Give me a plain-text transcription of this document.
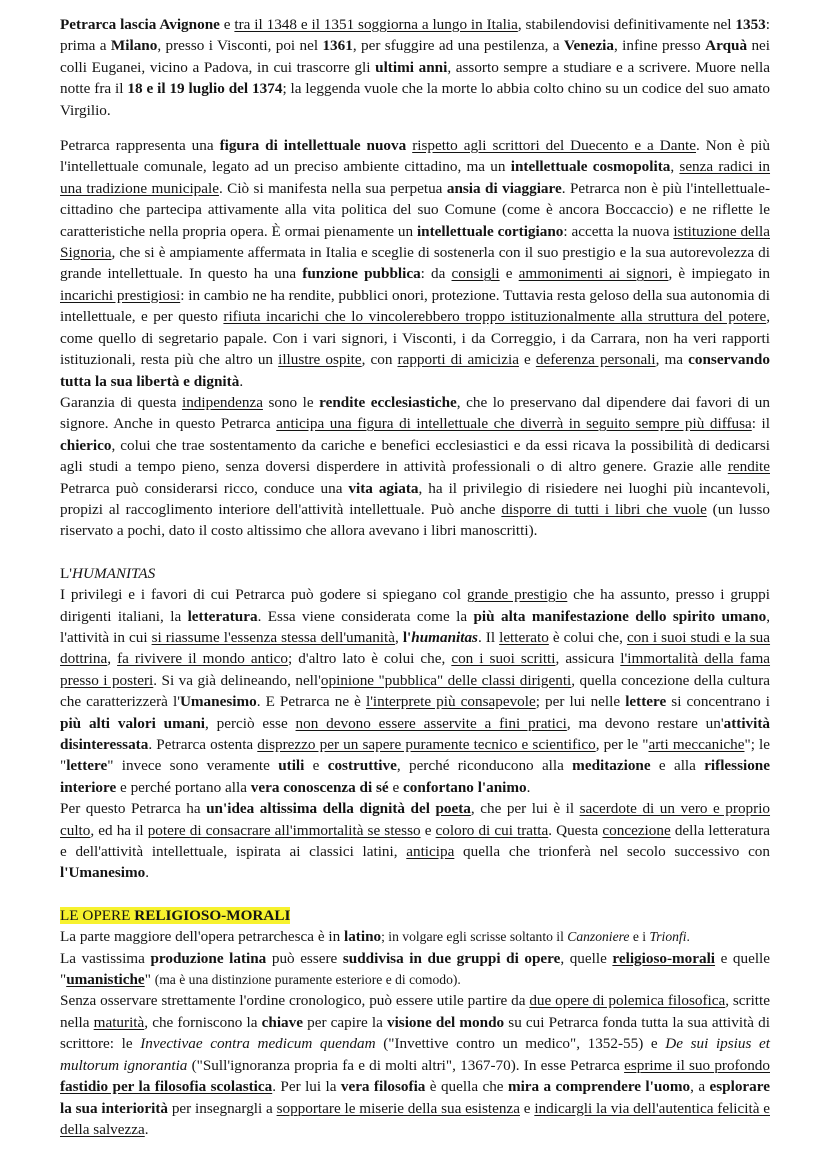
Petrarca lascia Avignone e tra il 1348 e il 1351 soggiorna a lungo in Italia, stabilendovisi definitivamente nel 1353: prima a Milano, presso i Visconti, poi nel 1361, per sfuggire ad una pestilenza, a Venezia, infine presso Arquà nei colli Euganei, vicino a Padova, in cui trascorre gli ultimi anni, assorto sempre a studiare e a scrivere. Muore nella notte fra il 18 e il 19 luglio del 1374; la leggenda vuole che la morte lo abbia colto chino su un codice del suo amato Virgilio.

Petrarca rappresenta una figura di intellettuale nuova rispetto agli scrittori del Duecento e a Dante. Non è più l'intellettuale comunale, legato ad un preciso ambiente cittadino, ma un intellettuale cosmopolita, senza radici in una tradizione municipale. Ciò si manifesta nella sua perpetua ansia di viaggiare. Petrarca non è più l'intellettuale-cittadino che partecipa attivamente alla vita politica del suo Comune (come è ancora Boccaccio) e ne riflette le caratteristiche nella propria opera. È ormai pienamente un intellettuale cortigiano: accetta la nuova istituzione della Signoria, che si è ampiamente affermata in Italia e sceglie di sostenerla con il suo prestigio e la sua autorevolezza di grande intellettuale. In questo ha una funzione pubblica: da consigli e ammonimenti ai signori, è impiegato in incarichi prestigiosi: in cambio ne ha rendite, pubblici onori, protezione. Tuttavia resta geloso della sua autonomia di intellettuale, e per questo rifiuta incarichi che lo vincolerebbero troppo istituzionalmente alla struttura del potere, come quello di segretario papale. Con i vari signori, i Visconti, i da Correggio, i da Carrara, non ha veri rapporti istituzionali, resta più che altro un illustre ospite, con rapporti di amicizia e deferenza personali, ma conservando tutta la sua libertà e dignità.

Garanzia di questa indipendenza sono le rendite ecclesiastiche, che lo preservano dal dipendere dai favori di un signore. Anche in questo Petrarca anticipa una figura di intellettuale che diverrà in seguito sempre più diffusa: il chierico, colui che trae sostentamento da cariche e benefici ecclesiastici e da essi ricava la possibilità di dedicarsi agli studi a tempo pieno, senza doversi disperdere in attività professionali o di altro genere. Grazie alle rendite Petrarca può considerarsi ricco, conduce una vita agiata, ha il privilegio di risiedere nei luoghi più incantevoli, propizi al raccoglimento interiore dell'attività intellettuale. Può anche disporre di tutti i libri che vuole (un lusso riservato a pochi, dato il costo altissimo che allora avevano i libri manoscritti).

L'HUMANITAS

I privilegi e i favori di cui Petrarca può godere si spiegano col grande prestigio che ha assunto, presso i gruppi dirigenti italiani, la letteratura. Essa viene considerata come la più alta manifestazione dello spirito umano, l'attività in cui si riassume l'essenza stessa dell'umanità, l'humanitas. Il letterato è colui che, con i suoi studi e la sua dottrina, fa rivivere il mondo antico; d'altro lato è colui che, con i suoi scritti, assicura l'immortalità della fama presso i posteri. Si va già delineando, nell'opinione "pubblica" delle classi dirigenti, quella concezione della cultura che caratterizzerà l'Umanesimo. E Petrarca ne è l'interprete più consapevole; per lui nelle lettere si concentrano i più alti valori umani, perciò esse non devono essere asservite a fini pratici, ma devono restare un'attività disinteressata. Petrarca ostenta disprezzo per un sapere puramente tecnico e scientifico, per le "arti meccaniche"; le "lettere" invece sono veramente utili e costruttive, perché riconducono alla meditazione e alla riflessione interiore e perché portano alla vera conoscenza di sé e confortano l'animo.

Per questo Petrarca ha un'idea altissima della dignità del poeta, che per lui è il sacerdote di un vero e proprio culto, ed ha il potere di consacrare all'immortalità se stesso e coloro di cui tratta. Questa concezione della letteratura e dell'attività intellettuale, ispirata ai classici latini, anticipa quella che trionferà nel secolo successivo con l'Umanesimo.

LE OPERE RELIGIOSO-MORALI

La parte maggiore dell'opera petrarchesca è in latino; in volgare egli scrisse soltanto il Canzoniere e i Trionfi.

La vastissima produzione latina può essere suddivisa in due gruppi di opere, quelle religioso-morali e quelle "umanistiche" (ma è una distinzione puramente esteriore e di comodo).

Senza osservare strettamente l'ordine cronologico, può essere utile partire da due opere di polemica filosofica, scritte nella maturità, che forniscono la chiave per capire la visione del mondo su cui Petrarca fonda tutta la sua attività di scrittore: le Invectivae contra medicum quendam ("Invettive contro un medico", 1352-55) e De sui ipsius et multorum ignorantia ("Sull'ignoranza propria fa e di molti altri", 1367-70). In esse Petrarca esprime il suo profondo fastidio per la filosofia scolastica. Per lui la vera filosofia è quella che mira a comprendere l'uomo, a esplorare la sua interiorità per insegnargli a sopportare le miserie della sua esistenza e indicargli la via dell'autentica felicità e della salvezza.
